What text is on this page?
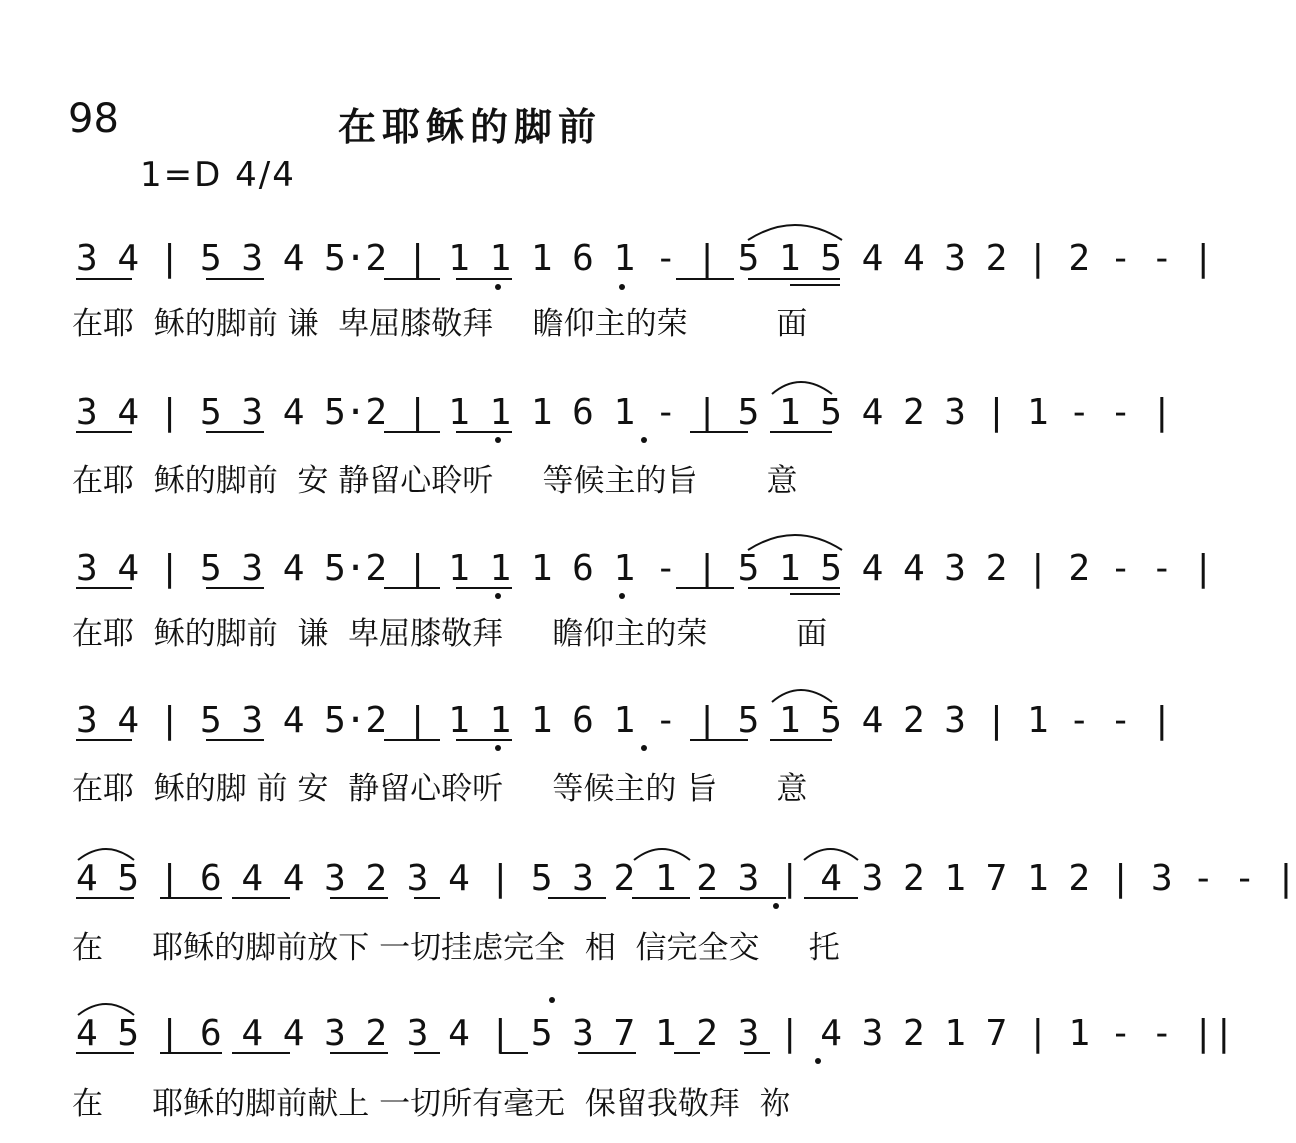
98	在耶稣的脚前
1=D 4/4
3 4 | 5 3 4 5·2 | 1 1 1 6 1 - | 5 1 5 4 4 3 2 | 2 - - |
在耶  稣的脚前 谦  卑屈膝敬拜    瞻仰主的荣         面
3 4 | 5 3 4 5·2 | 1 1 1 6 1 - | 5 1 5 4 2 3 | 1 - - |
在耶  稣的脚前  安 静留心聆听     等候主的旨       意
3 4 | 5 3 4 5·2 | 1 1 1 6 1 - | 5 1 5 4 4 3 2 | 2 - - |
在耶  稣的脚前  谦  卑屈膝敬拜     瞻仰主的荣         面
3 4 | 5 3 4 5·2 | 1 1 1 6 1 - | 5 1 5 4 2 3 | 1 - - |
在耶  稣的脚 前 安  静留心聆听     等候主的 旨      意
4 5 | 6 4 4 3 2 3 4 | 5 3 2 1 2 3 | 4 3 2 1 7 1 2 | 3 - - |
在     耶稣的脚前放下 一切挂虑完全  相  信完全交     托
4 5 | 6 4 4 3 2 3 4 | 5 3 7 1 2 3 | 4 3 2 1 7 | 1 - - ||
在     耶稣的脚前献上 一切所有毫无  保留我敬拜  祢
